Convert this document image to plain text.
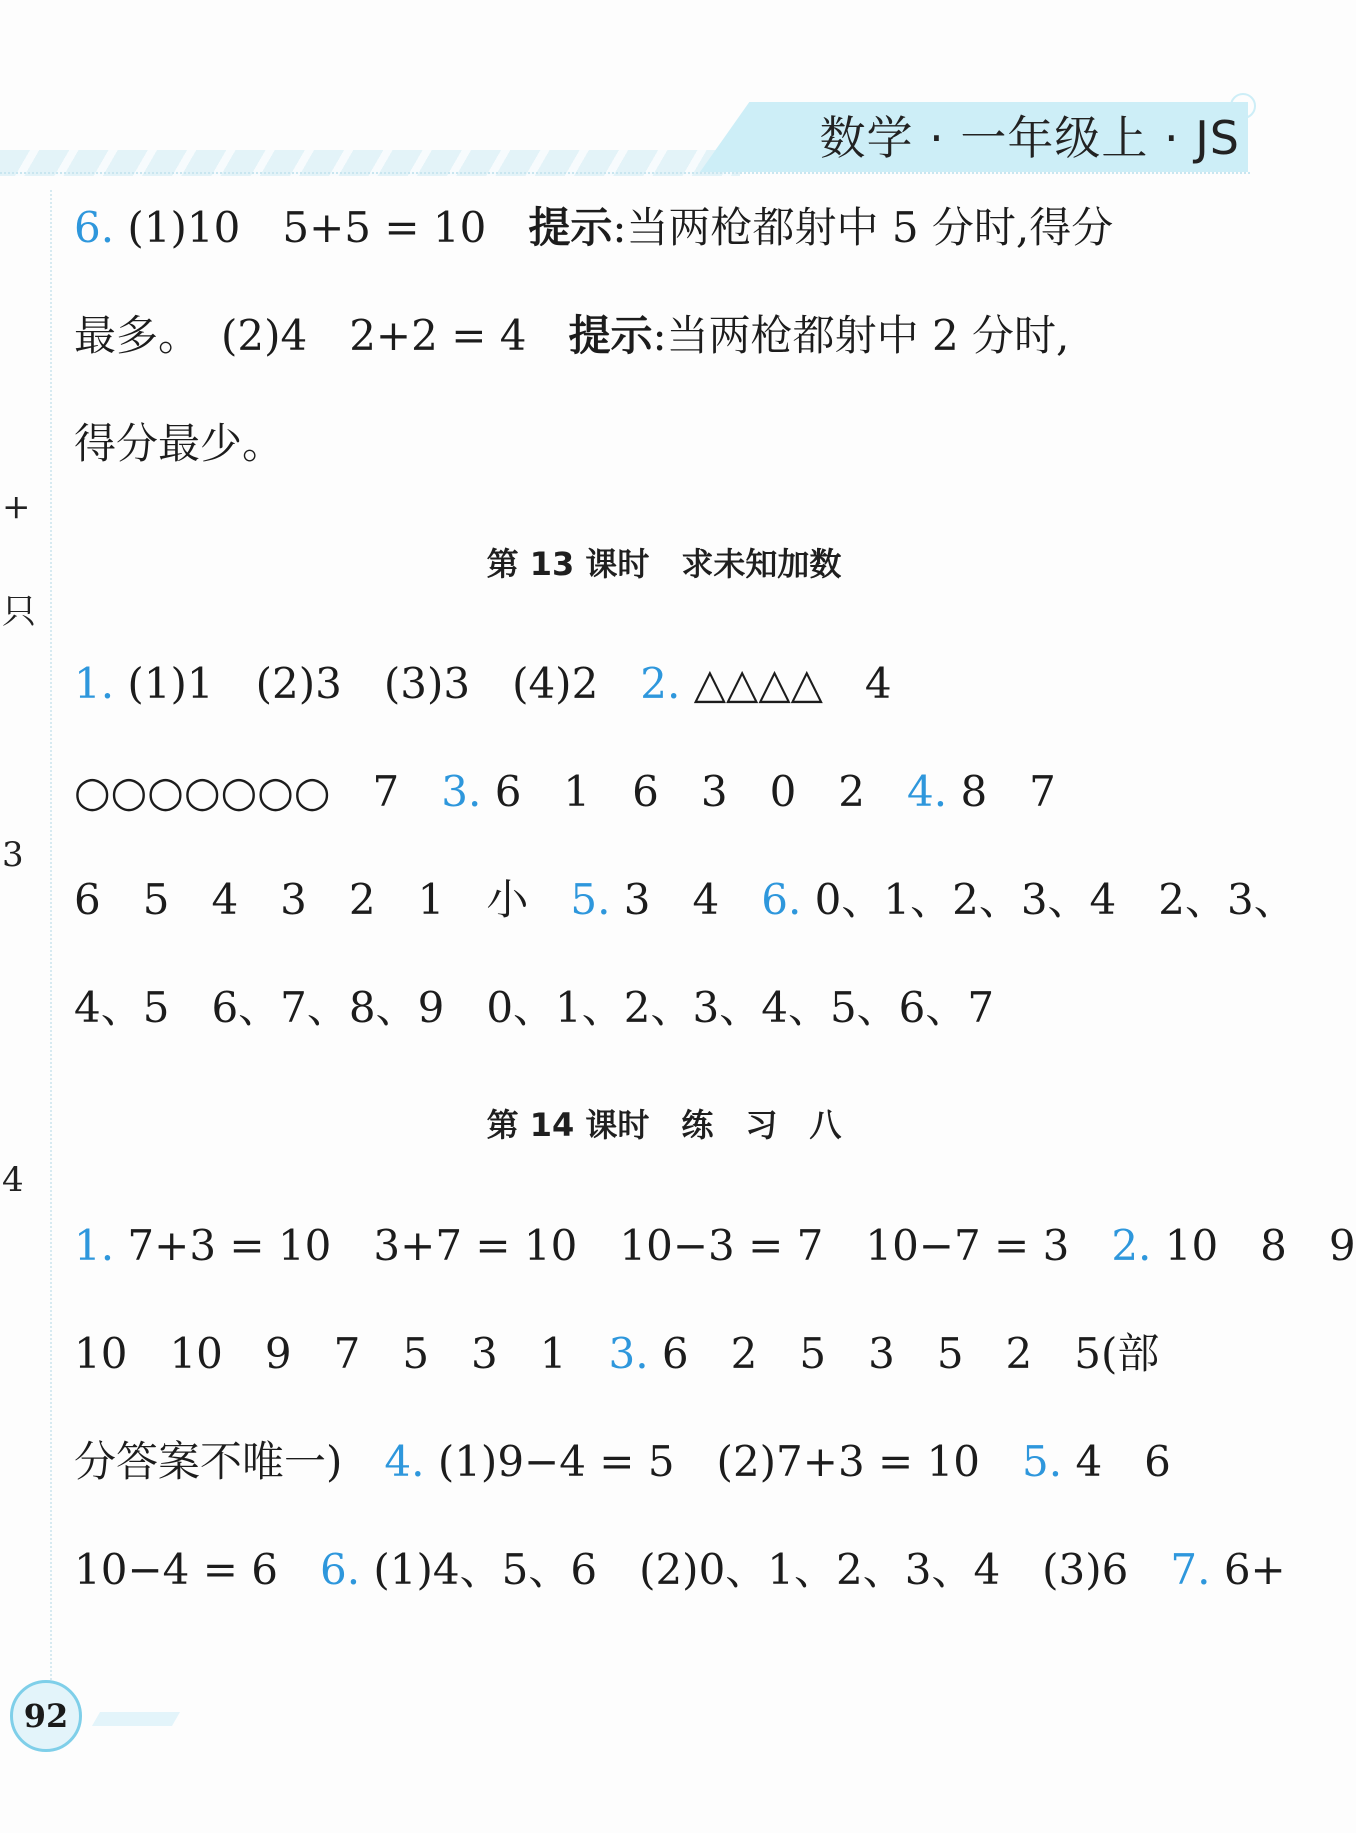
数学 · 一年级上 · JS
+
只
3
4
6. (1)10　5+5 = 10　提示:当两枪都射中 5 分时,得分
最多。　(2)4　2+2 = 4　提示:当两枪都射中 2 分时,
得分最少。
第 13 课时　求未知加数
1. (1)1　(2)3　(3)3　(4)2　2. △△△△　4
○○○○○○○　7　3. 6　1　6　3　0　2　4. 8　7
6　5　4　3　2　1　小　5. 3　4　6. 0、1、2、3、4　2、3、
4、5　6、7、8、9　0、1、2、3、4、5、6、7
第 14 课时　练　习　八
1. 7+3 = 10　3+7 = 10　10−3 = 7　10−7 = 3　2. 10　8　9
10　10　9　7　5　3　1　3. 6　2　5　3　5　2　5(部
分答案不唯一)　4. (1)9−4 = 5　(2)7+3 = 10　5. 4　6
10−4 = 6　6. (1)4、5、6　(2)0、1、2、3、4　(3)6　7. 6+
92
